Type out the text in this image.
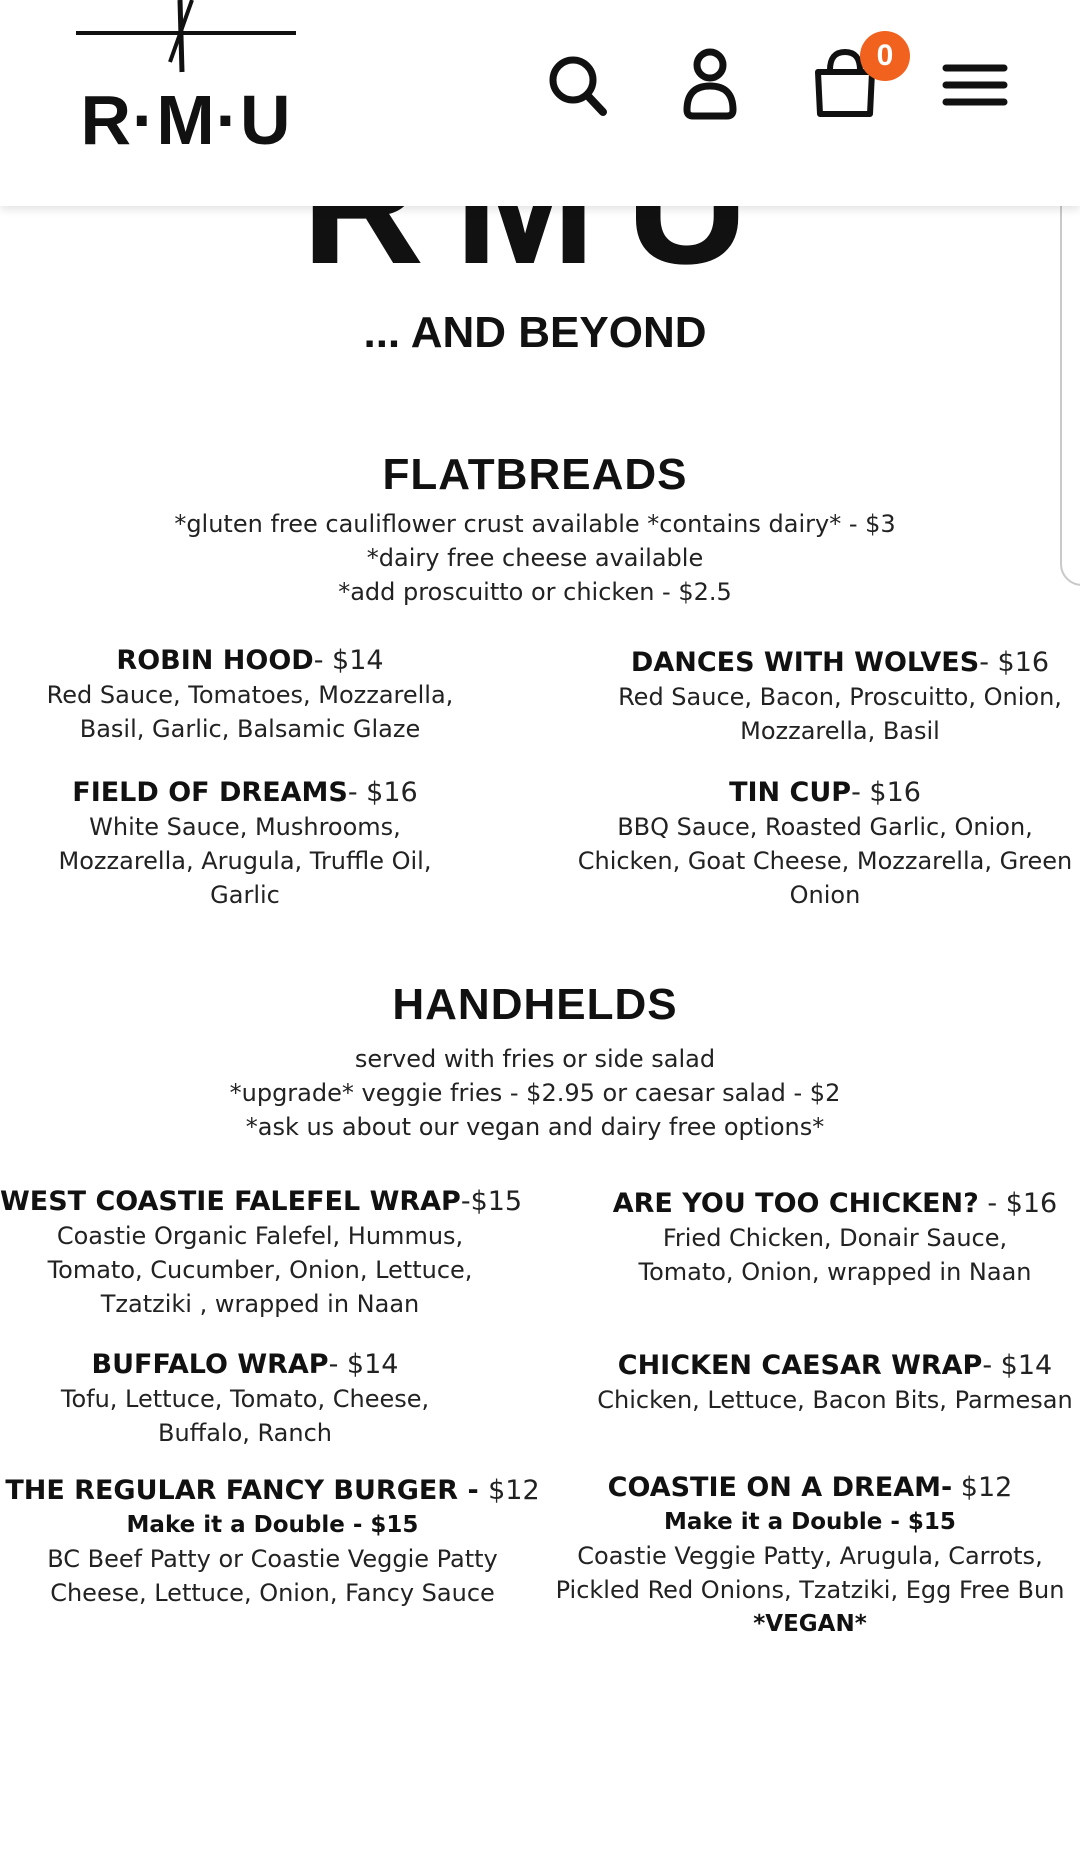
R·M·U
0
... AND BEYOND
FLATBREADS
*gluten free cauliflower crust available *contains dairy* - $3
*dairy free cheese available
*add proscuitto or chicken - $2.5
ROBIN HOOD- $14
Red Sauce, Tomatoes, Mozzarella, Basil, Garlic, Balsamic Glaze
DANCES WITH WOLVES- $16
Red Sauce, Bacon, Proscuitto, Onion, Mozzarella, Basil
FIELD OF DREAMS- $16
White Sauce, Mushrooms, Mozzarella, Arugula, Truffle Oil, Garlic
TIN CUP- $16
BBQ Sauce, Roasted Garlic, Onion, Chicken, Goat Cheese, Mozzarella, Green Onion
HANDHELDS
served with fries or side salad
*upgrade* veggie fries - $2.95 or caesar salad - $2
*ask us about our vegan and dairy free options*
WEST COASTIE FALEFEL WRAP-$15
Coastie Organic Falefel, Hummus, Tomato, Cucumber, Onion, Lettuce, Tzatziki , wrapped in Naan
ARE YOU TOO CHICKEN? - $16
Fried Chicken, Donair Sauce, Tomato, Onion, wrapped in Naan
BUFFALO WRAP- $14
Tofu, Lettuce, Tomato, Cheese, Buffalo, Ranch
CHICKEN CAESAR WRAP- $14
Chicken, Lettuce, Bacon Bits, Parmesan
THE REGULAR FANCY BURGER - $12
Make it a Double - $15
BC Beef Patty or Coastie Veggie Patty Cheese, Lettuce, Onion, Fancy Sauce
COASTIE ON A DREAM- $12
Make it a Double - $15
Coastie Veggie Patty, Arugula, Carrots, Pickled Red Onions, Tzatziki, Egg Free Bun
*VEGAN*
